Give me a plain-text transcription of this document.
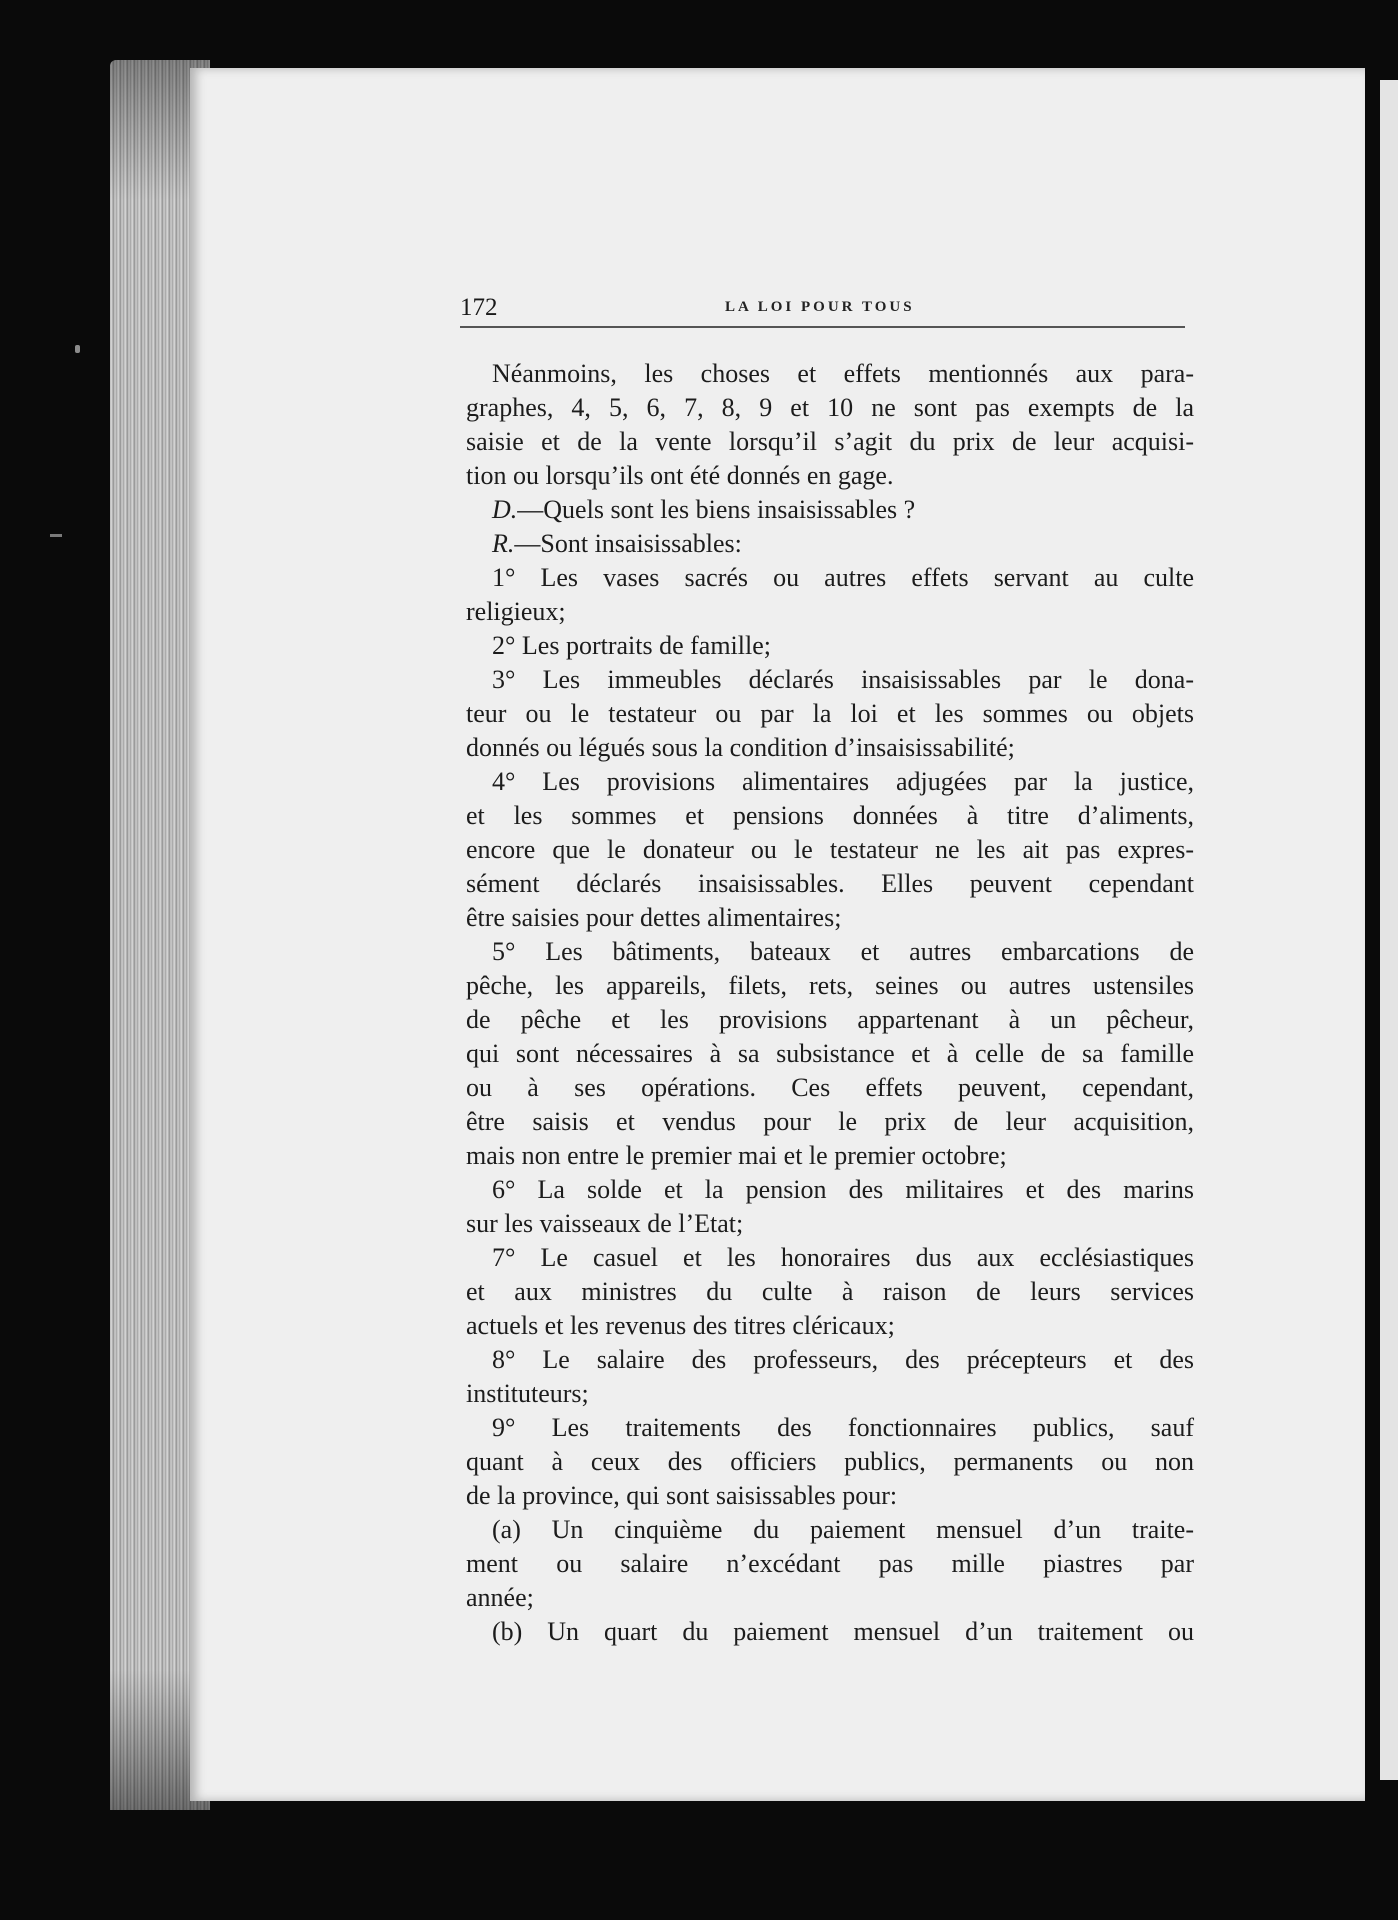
172	LA LOI POUR TOUS
Néanmoins, les choses et effets mentionnés aux para-
graphes, 4, 5, 6, 7, 8, 9 et 10 ne sont pas exempts de la
saisie et de la vente lorsqu’il s’agit du prix de leur acquisi-
tion ou lorsqu’ils ont été donnés en gage.
D.—Quels sont les biens insaisissables ?
R.—Sont insaisissables:
1° Les vases sacrés ou autres effets servant au culte
religieux;
2° Les portraits de famille;
3° Les immeubles déclarés insaisissables par le dona-
teur ou le testateur ou par la loi et les sommes ou objets
donnés ou légués sous la condition d’insaisissabilité;
4° Les provisions alimentaires adjugées par la justice,
et les sommes et pensions données à titre d’aliments,
encore que le donateur ou le testateur ne les ait pas expres-
sément déclarés insaisissables. Elles peuvent cependant
être saisies pour dettes alimentaires;
5° Les bâtiments, bateaux et autres embarcations de
pêche, les appareils, filets, rets, seines ou autres ustensiles
de pêche et les provisions appartenant à un pêcheur,
qui sont nécessaires à sa subsistance et à celle de sa famille
ou à ses opérations. Ces effets peuvent, cependant,
être saisis et vendus pour le prix de leur acquisition,
mais non entre le premier mai et le premier octobre;
6° La solde et la pension des militaires et des marins
sur les vaisseaux de l’Etat;
7° Le casuel et les honoraires dus aux ecclésiastiques
et aux ministres du culte à raison de leurs services
actuels et les revenus des titres cléricaux;
8° Le salaire des professeurs, des précepteurs et des
instituteurs;
9° Les traitements des fonctionnaires publics, sauf
quant à ceux des officiers publics, permanents ou non
de la province, qui sont saisissables pour:
(a) Un cinquième du paiement mensuel d’un traite-
ment ou salaire n’excédant pas mille piastres par
année;
(b) Un quart du paiement mensuel d’un traitement ou
